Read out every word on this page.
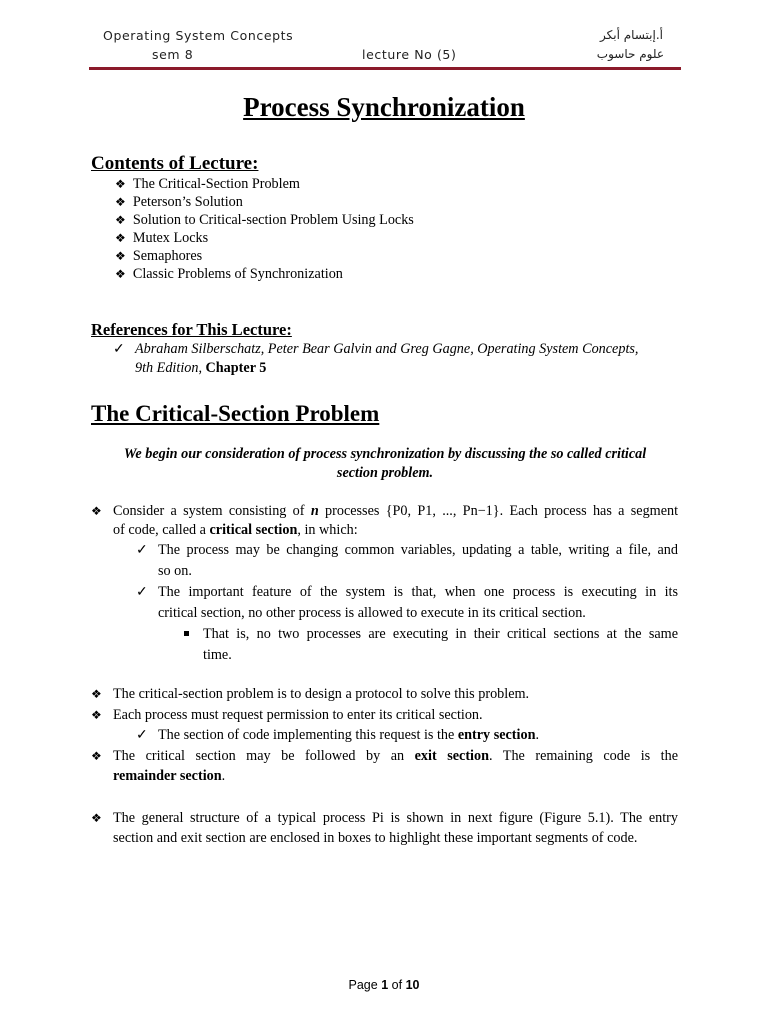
Operating System Concepts
sem 8	lecture No (5)
أ.إبتسام أبكر
علوم حاسوب
Process Synchronization
Contents of Lecture:
❖ The Critical-Section Problem
❖ Peterson’s Solution
❖ Solution to Critical-section Problem Using Locks
❖ Mutex Locks
❖ Semaphores
❖ Classic Problems of Synchronization
References for This Lecture:
✓ Abraham Silberschatz, Peter Bear Galvin and Greg Gagne, Operating System Concepts,
9th Edition, Chapter 5
The Critical-Section Problem
We begin our consideration of process synchronization by discussing the so called critical
section problem.
❖ Consider a system consisting of n processes {P0, P1, ..., Pn−1}. Each process has a segment
of code, called a critical section, in which:
✓ The process may be changing common variables, updating a table, writing a file, and
so on.
✓ The important feature of the system is that, when one process is executing in its
critical section, no other process is allowed to execute in its critical section.
That is, no two processes are executing in their critical sections at the same
time.
❖ The critical-section problem is to design a protocol to solve this problem.
❖ Each process must request permission to enter its critical section.
✓ The section of code implementing this request is the entry section.
❖ The critical section may be followed by an exit section. The remaining code is the
remainder section.
❖ The general structure of a typical process Pi is shown in next figure (Figure 5.1). The entry
section and exit section are enclosed in boxes to highlight these important segments of code.
Page 1 of 10
